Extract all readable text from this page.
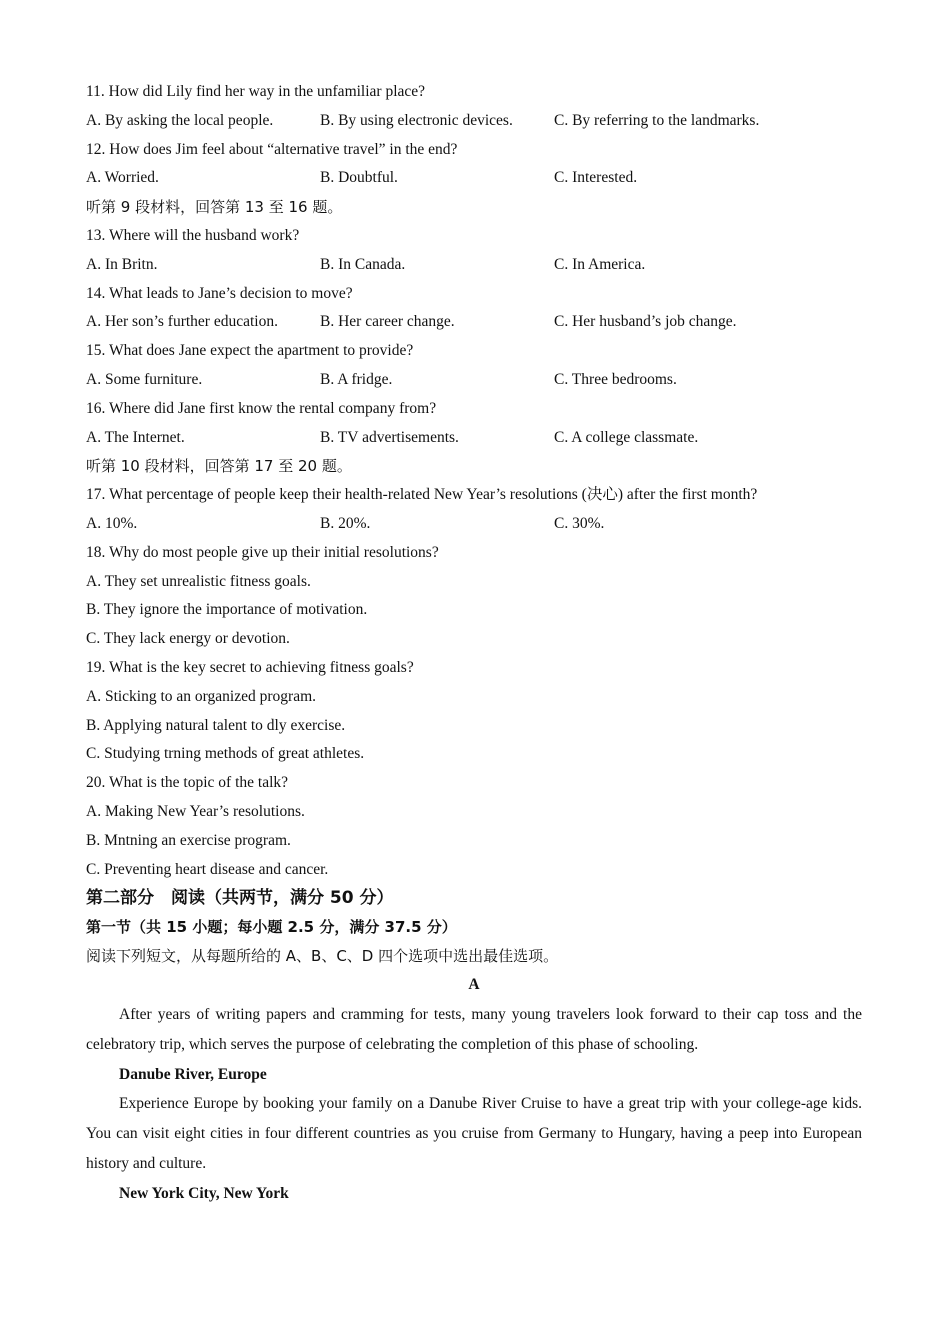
11. How did Lily find her way in the unfamiliar place?
A. By asking the local people.	B. By using electronic devices.	C. By referring to the landmarks.
12. How does Jim feel about “alternative travel” in the end?
A. Worried.	B. Doubtful.	C. Interested.
听第 9 段材料，回答第 13 至 16 题。
13. Where will the husband work?
A. In Britn.	B. In Canada.	C. In America.
14. What leads to Jane’s decision to move?
A. Her son’s further education.	B. Her career change.	C. Her husband’s job change.
15. What does Jane expect the apartment to provide?
A. Some furniture.	B. A fridge.	C. Three bedrooms.
16. Where did Jane first know the rental company from?
A. The Internet.	B. TV advertisements.	C. A college classmate.
听第 10 段材料，回答第 17 至 20 题。
17. What percentage of people keep their health-related New Year’s resolutions (决心) after the first month?
A. 10%.	B. 20%.	C. 30%.
18. Why do most people give up their initial resolutions?
A. They set unrealistic fitness goals.
B. They ignore the importance of motivation.
C. They lack energy or devotion.
19. What is the key secret to achieving fitness goals?
A. Sticking to an organized program.
B. Applying natural talent to dly exercise.
C. Studying trning methods of great athletes.
20. What is the topic of the talk?
A. Making New Year’s resolutions.
B. Mntning an exercise program.
C. Preventing heart disease and cancer.
第二部分　阅读（共两节，满分 50 分）
第一节（共 15 小题；每小题 2.5 分，满分 37.5 分）
阅读下列短文，从每题所给的 A、B、C、D 四个选项中选出最佳选项。
A

After years of writing papers and cramming for tests, many young travelers look forward to their cap toss and the celebratory trip, which serves the purpose of celebrating the completion of this phase of schooling.

Danube River, Europe

Experience Europe by booking your family on a Danube River Cruise to have a great trip with your college-age kids. You can visit eight cities in four different countries as you cruise from Germany to Hungary, having a peep into European history and culture.

New York City, New York
